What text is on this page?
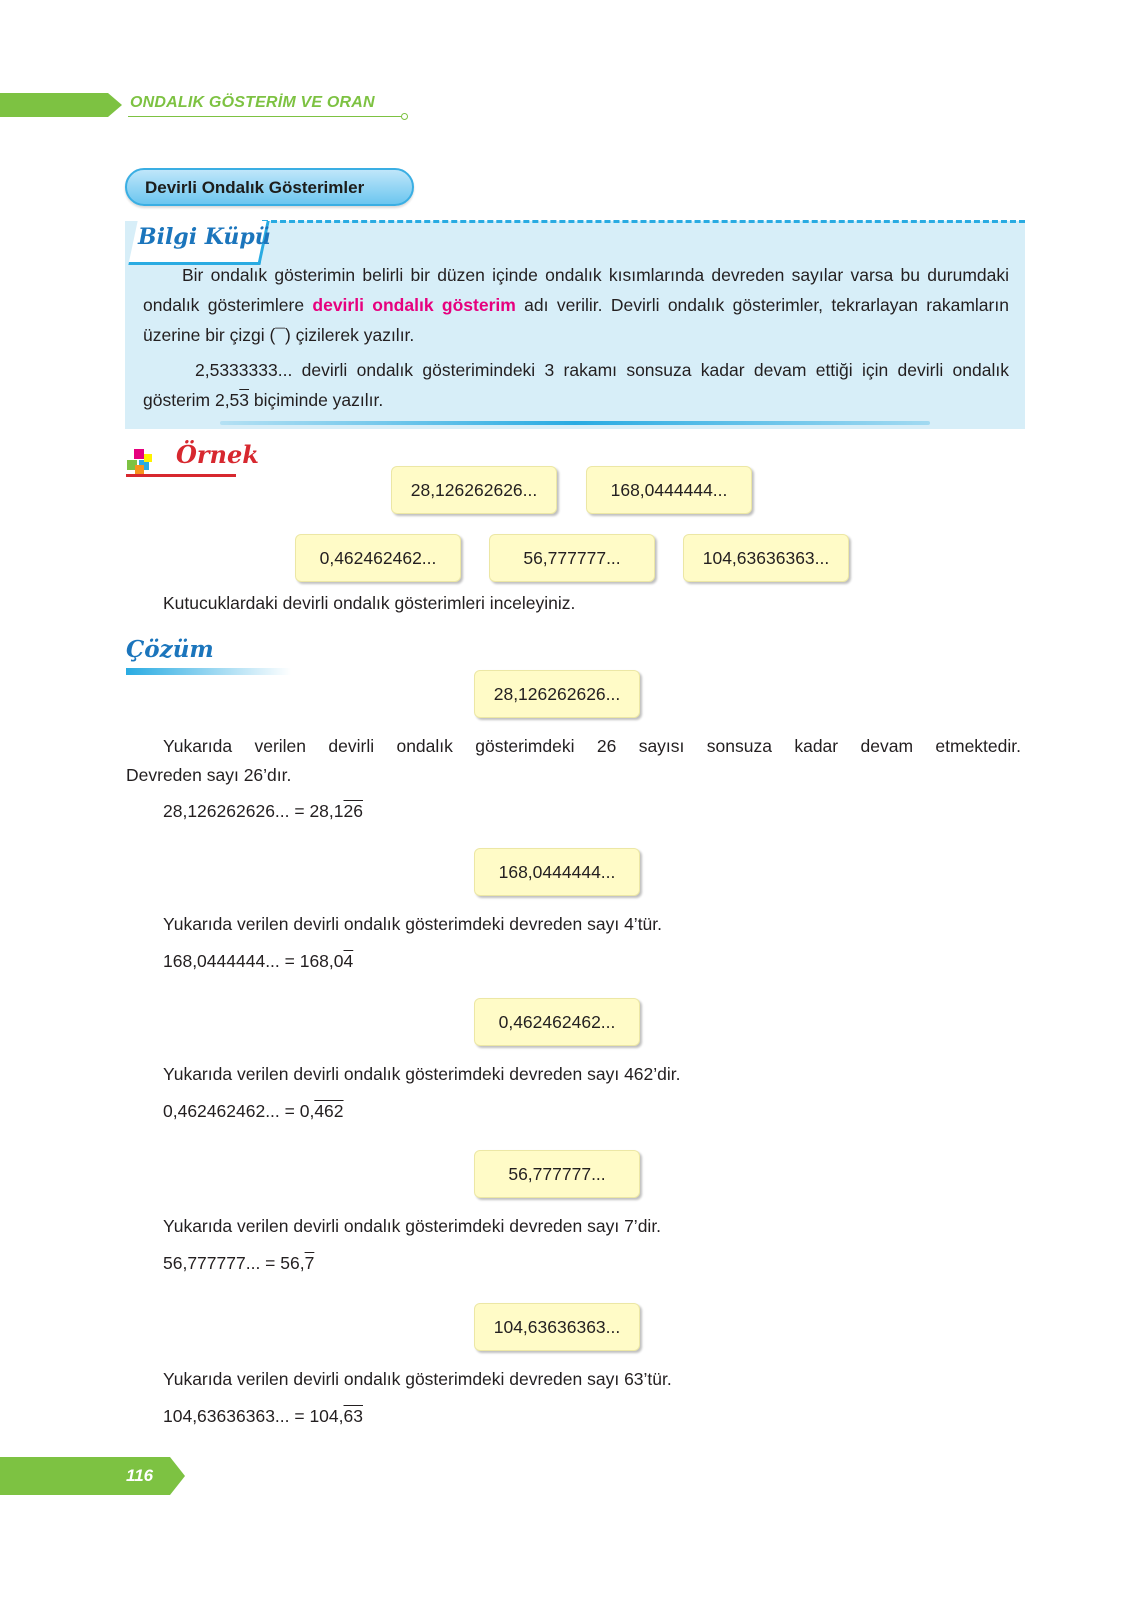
ONDALIK GÖSTERİM VE ORAN
Devirli Ondalık Gösterimler
Bilgi Küpü
Bir ondalık gösterimin belirli bir düzen içinde ondalık kısımlarında devreden sayılar varsa bu durumdaki ondalık gösterimlere devirli ondalık gösterim adı verilir. Devirli ondalık gösterimler, tekrarlayan rakamların üzerine bir çizgi (¯) çizilerek yazılır.
2,5333333... devirli ondalık gösterimindeki 3 rakamı sonsuza kadar devam ettiği için devirli ondalık gösterim 2,53 biçiminde yazılır.
Örnek
28,126262626...	168,0444444...
0,462462462...	56,777777...	104,63636363...
Kutucuklardaki devirli ondalık gösterimleri inceleyiniz.
Çözüm
28,126262626...
Yukarıda verilen devirli ondalık gösterimdeki 26 sayısı sonsuza kadar devam etmektedir.
Devreden sayı 26’dır.
28,126262626... = 28,126
168,0444444...
Yukarıda verilen devirli ondalık gösterimdeki devreden sayı 4’tür.
168,0444444... = 168,04
0,462462462...
Yukarıda verilen devirli ondalık gösterimdeki devreden sayı 462’dir.
0,462462462... = 0,462
56,777777...
Yukarıda verilen devirli ondalık gösterimdeki devreden sayı 7’dir.
56,777777... = 56,7
104,63636363...
Yukarıda verilen devirli ondalık gösterimdeki devreden sayı 63’tür.
104,63636363... = 104,63
116
